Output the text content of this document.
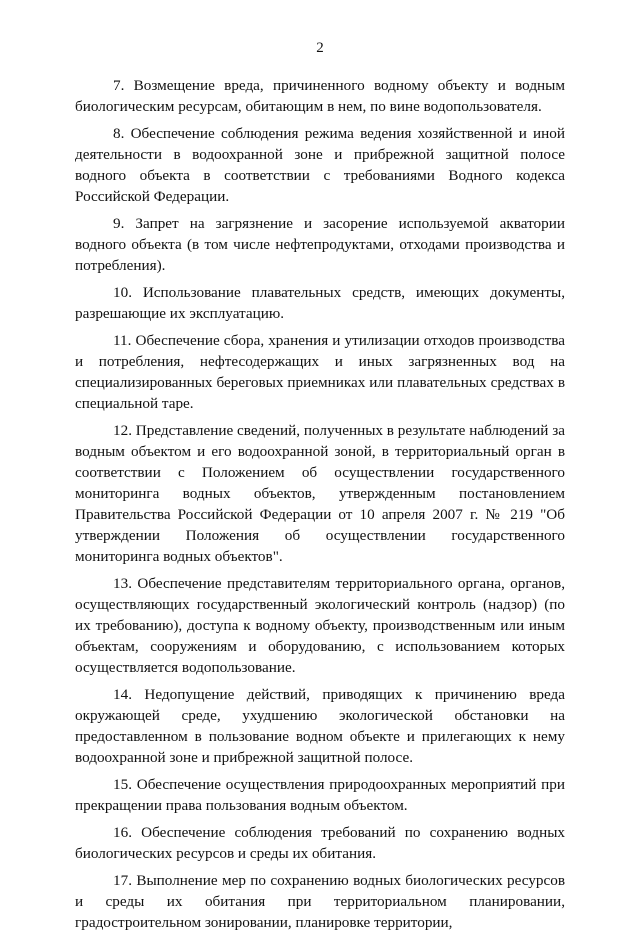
2

7. Возмещение вреда, причиненного водному объекту и водным биологическим ресурсам, обитающим в нем, по вине водопользователя.

8. Обеспечение соблюдения режима ведения хозяйственной и иной деятельности в водоохранной зоне и прибрежной защитной полосе водного объекта в соответствии с требованиями Водного кодекса Российской Федерации.

9. Запрет на загрязнение и засорение используемой акватории водного объекта (в том числе нефтепродуктами, отходами производства и потребления).

10. Использование плавательных средств, имеющих документы, разрешающие их эксплуатацию.

11. Обеспечение сбора, хранения и утилизации отходов производства и потребления, нефтесодержащих и иных загрязненных вод на специализированных береговых приемниках или плавательных средствах в специальной таре.

12. Представление сведений, полученных в результате наблюдений за водным объектом и его водоохранной зоной, в территориальный орган в соответствии с Положением об осуществлении государственного мониторинга водных объектов, утвержденным постановлением Правительства Российской Федерации от 10 апреля 2007 г. № 219 "Об утверждении Положения об осуществлении государственного мониторинга водных объектов".

13. Обеспечение представителям территориального органа, органов, осуществляющих государственный экологический контроль (надзор) (по их требованию), доступа к водному объекту, производственным или иным объектам, сооружениям и оборудованию, с использованием которых осуществляется водопользование.

14. Недопущение действий, приводящих к причинению вреда окружающей среде, ухудшению экологической обстановки на предоставленном в пользование водном объекте и прилегающих к нему водоохранной зоне и прибрежной защитной полосе.

15. Обеспечение осуществления природоохранных мероприятий при прекращении права пользования водным объектом.

16. Обеспечение соблюдения требований по сохранению водных биологических ресурсов и среды их обитания.

17. Выполнение мер по сохранению водных биологических ресурсов и среды их обитания при территориальном планировании, градостроительном зонировании, планировке территории,
